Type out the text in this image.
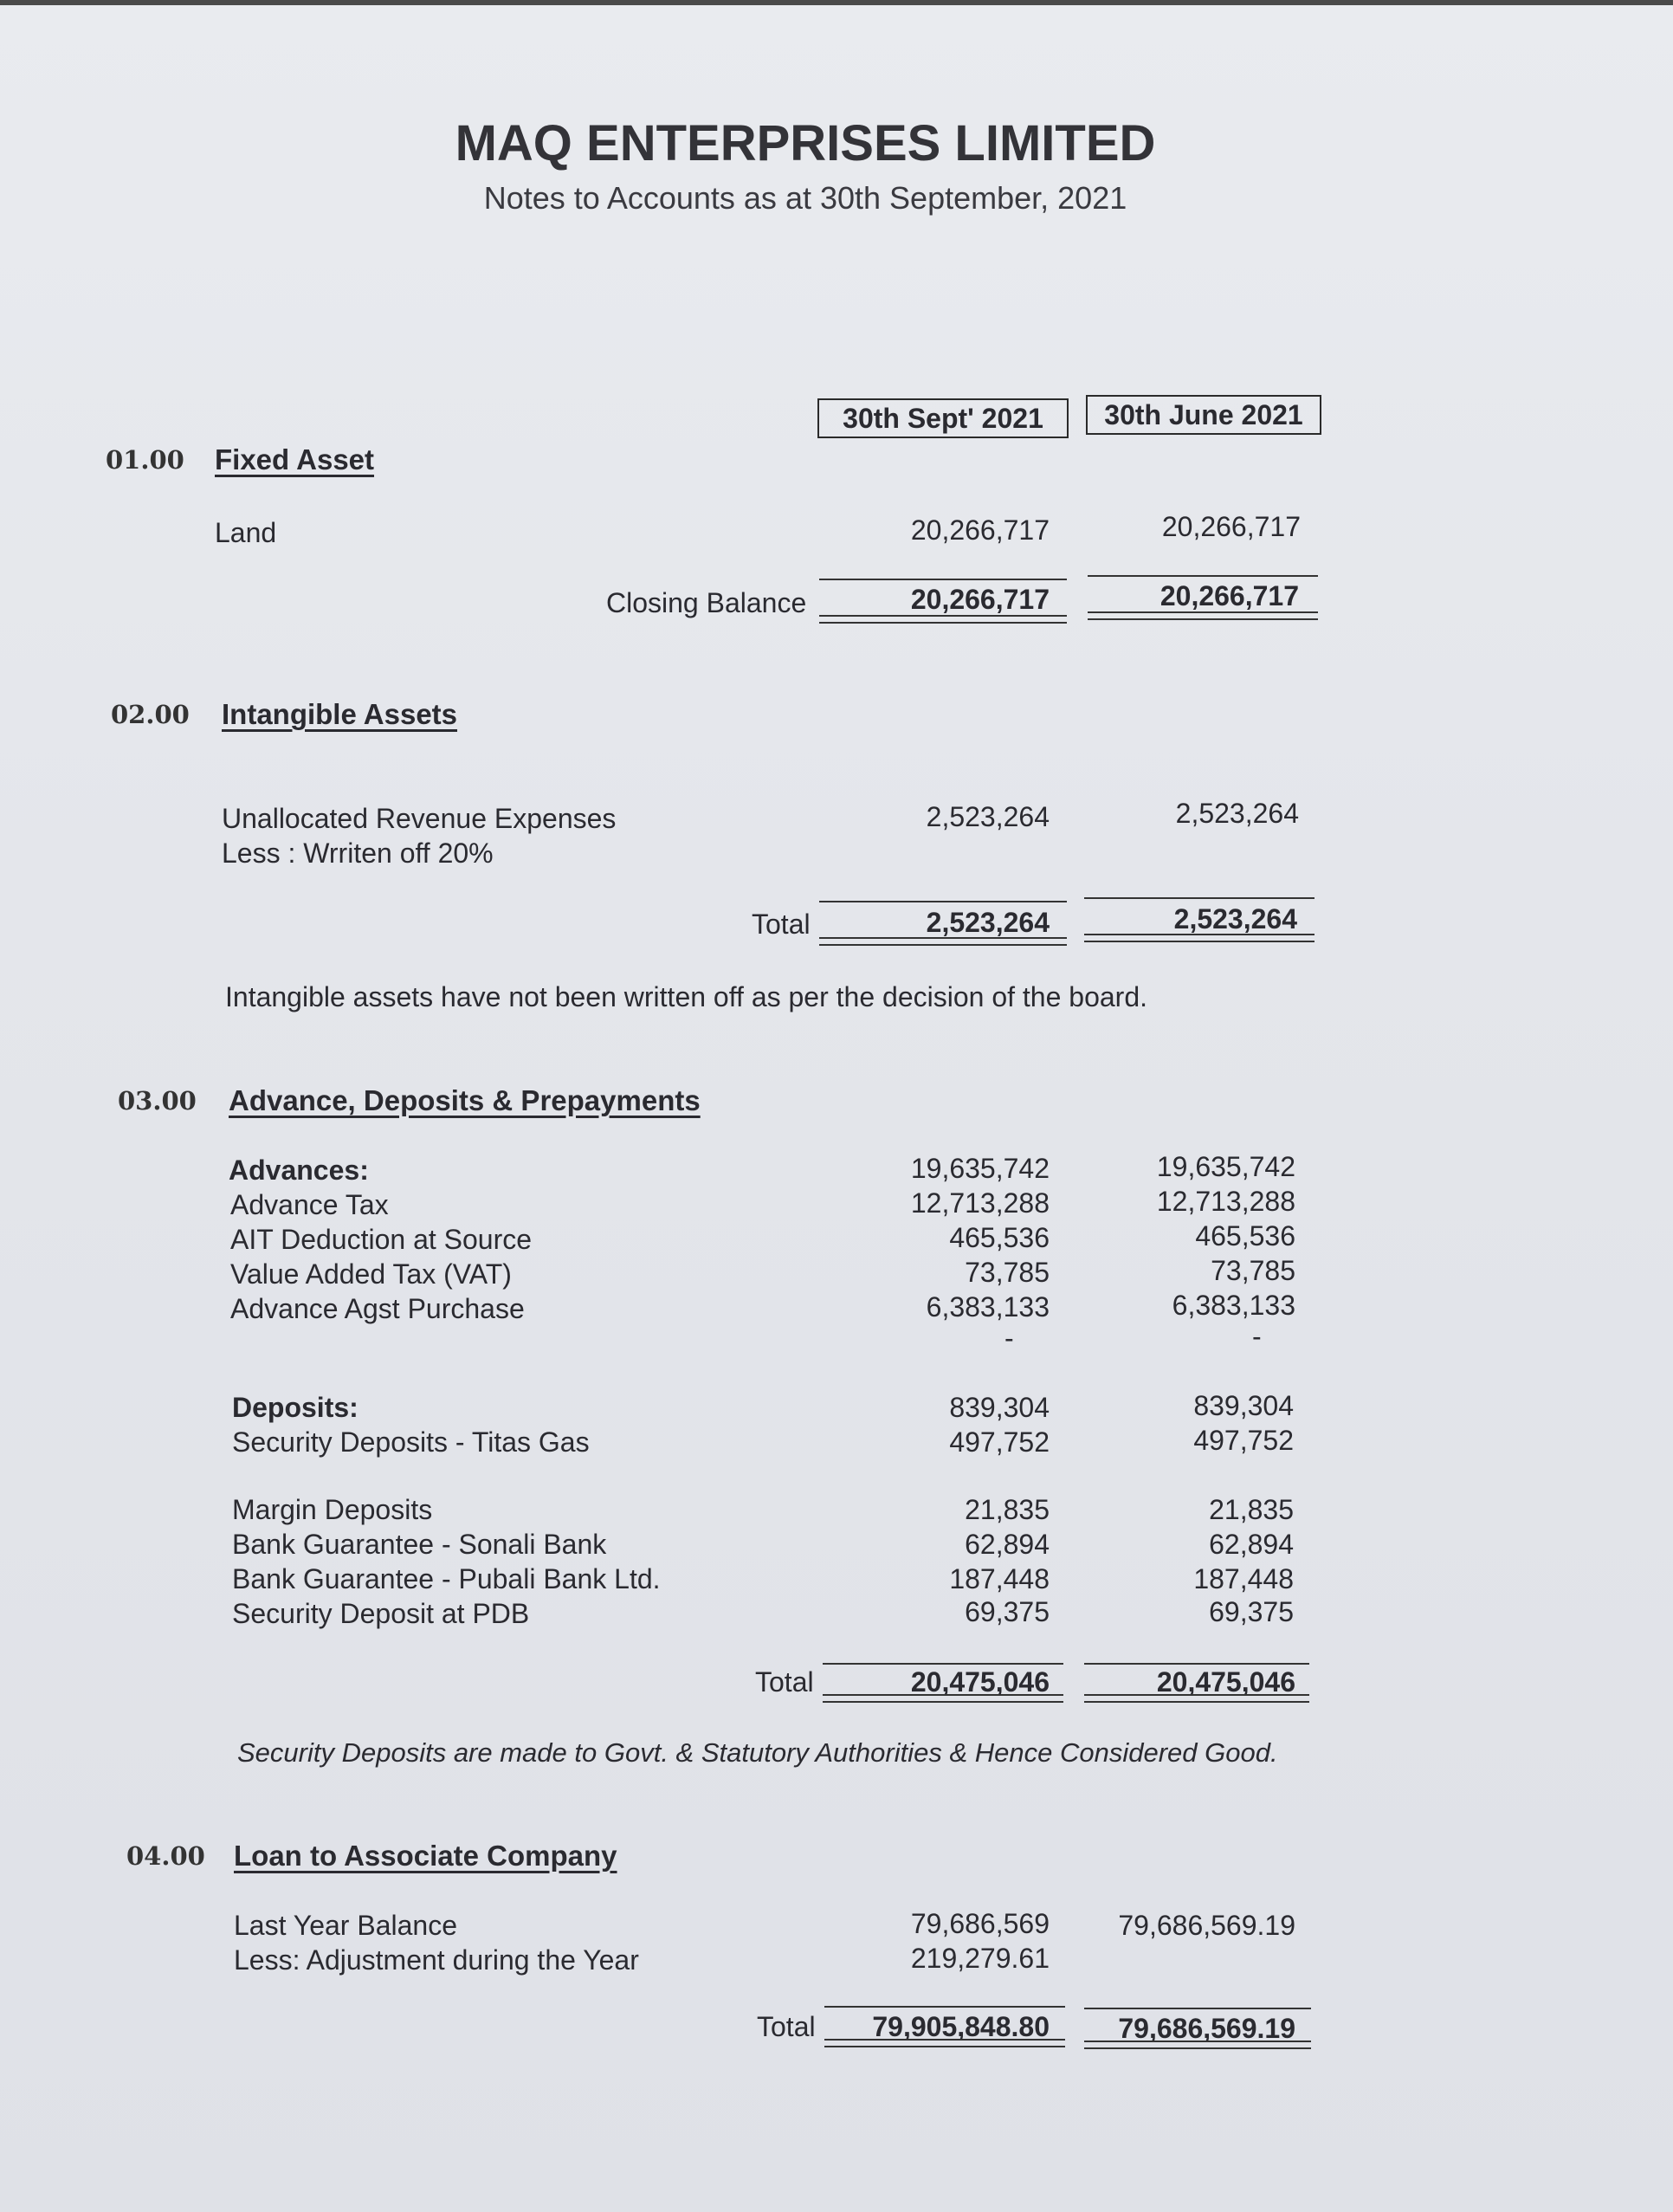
MAQ ENTERPRISES LIMITED
Notes to Accounts as at 30th September, 2021
30th Sept' 2021	30th June 2021
01.00 Fixed Asset
Land	20,266,717	20,266,717
Closing Balance	20,266,717	20,266,717
02.00 Intangible Assets
Unallocated Revenue Expenses	2,523,264	2,523,264
Less : Wrriten off 20%
Total	2,523,264	2,523,264
Intangible assets have not been written off as per the decision of the board.
03.00 Advance, Deposits & Prepayments
Advances:	19,635,742	19,635,742
Advance Tax	12,713,288	12,713,288
AIT Deduction at Source	465,536	465,536
Value Added Tax (VAT)	73,785	73,785
Advance Agst Purchase	6,383,133	6,383,133
-	-
Deposits:	839,304	839,304
Security Deposits - Titas Gas	497,752	497,752
Margin Deposits	21,835	21,835
Bank Guarantee - Sonali Bank	62,894	62,894
Bank Guarantee - Pubali Bank Ltd.	187,448	187,448
Security Deposit at PDB	69,375	69,375
Total	20,475,046	20,475,046
Security Deposits are made to Govt. & Statutory Authorities & Hence Considered Good.
04.00 Loan to Associate Company
Last Year Balance	79,686,569	79,686,569.19
Less: Adjustment during the Year	219,279.61
Total	79,905,848.80	79,686,569.19
